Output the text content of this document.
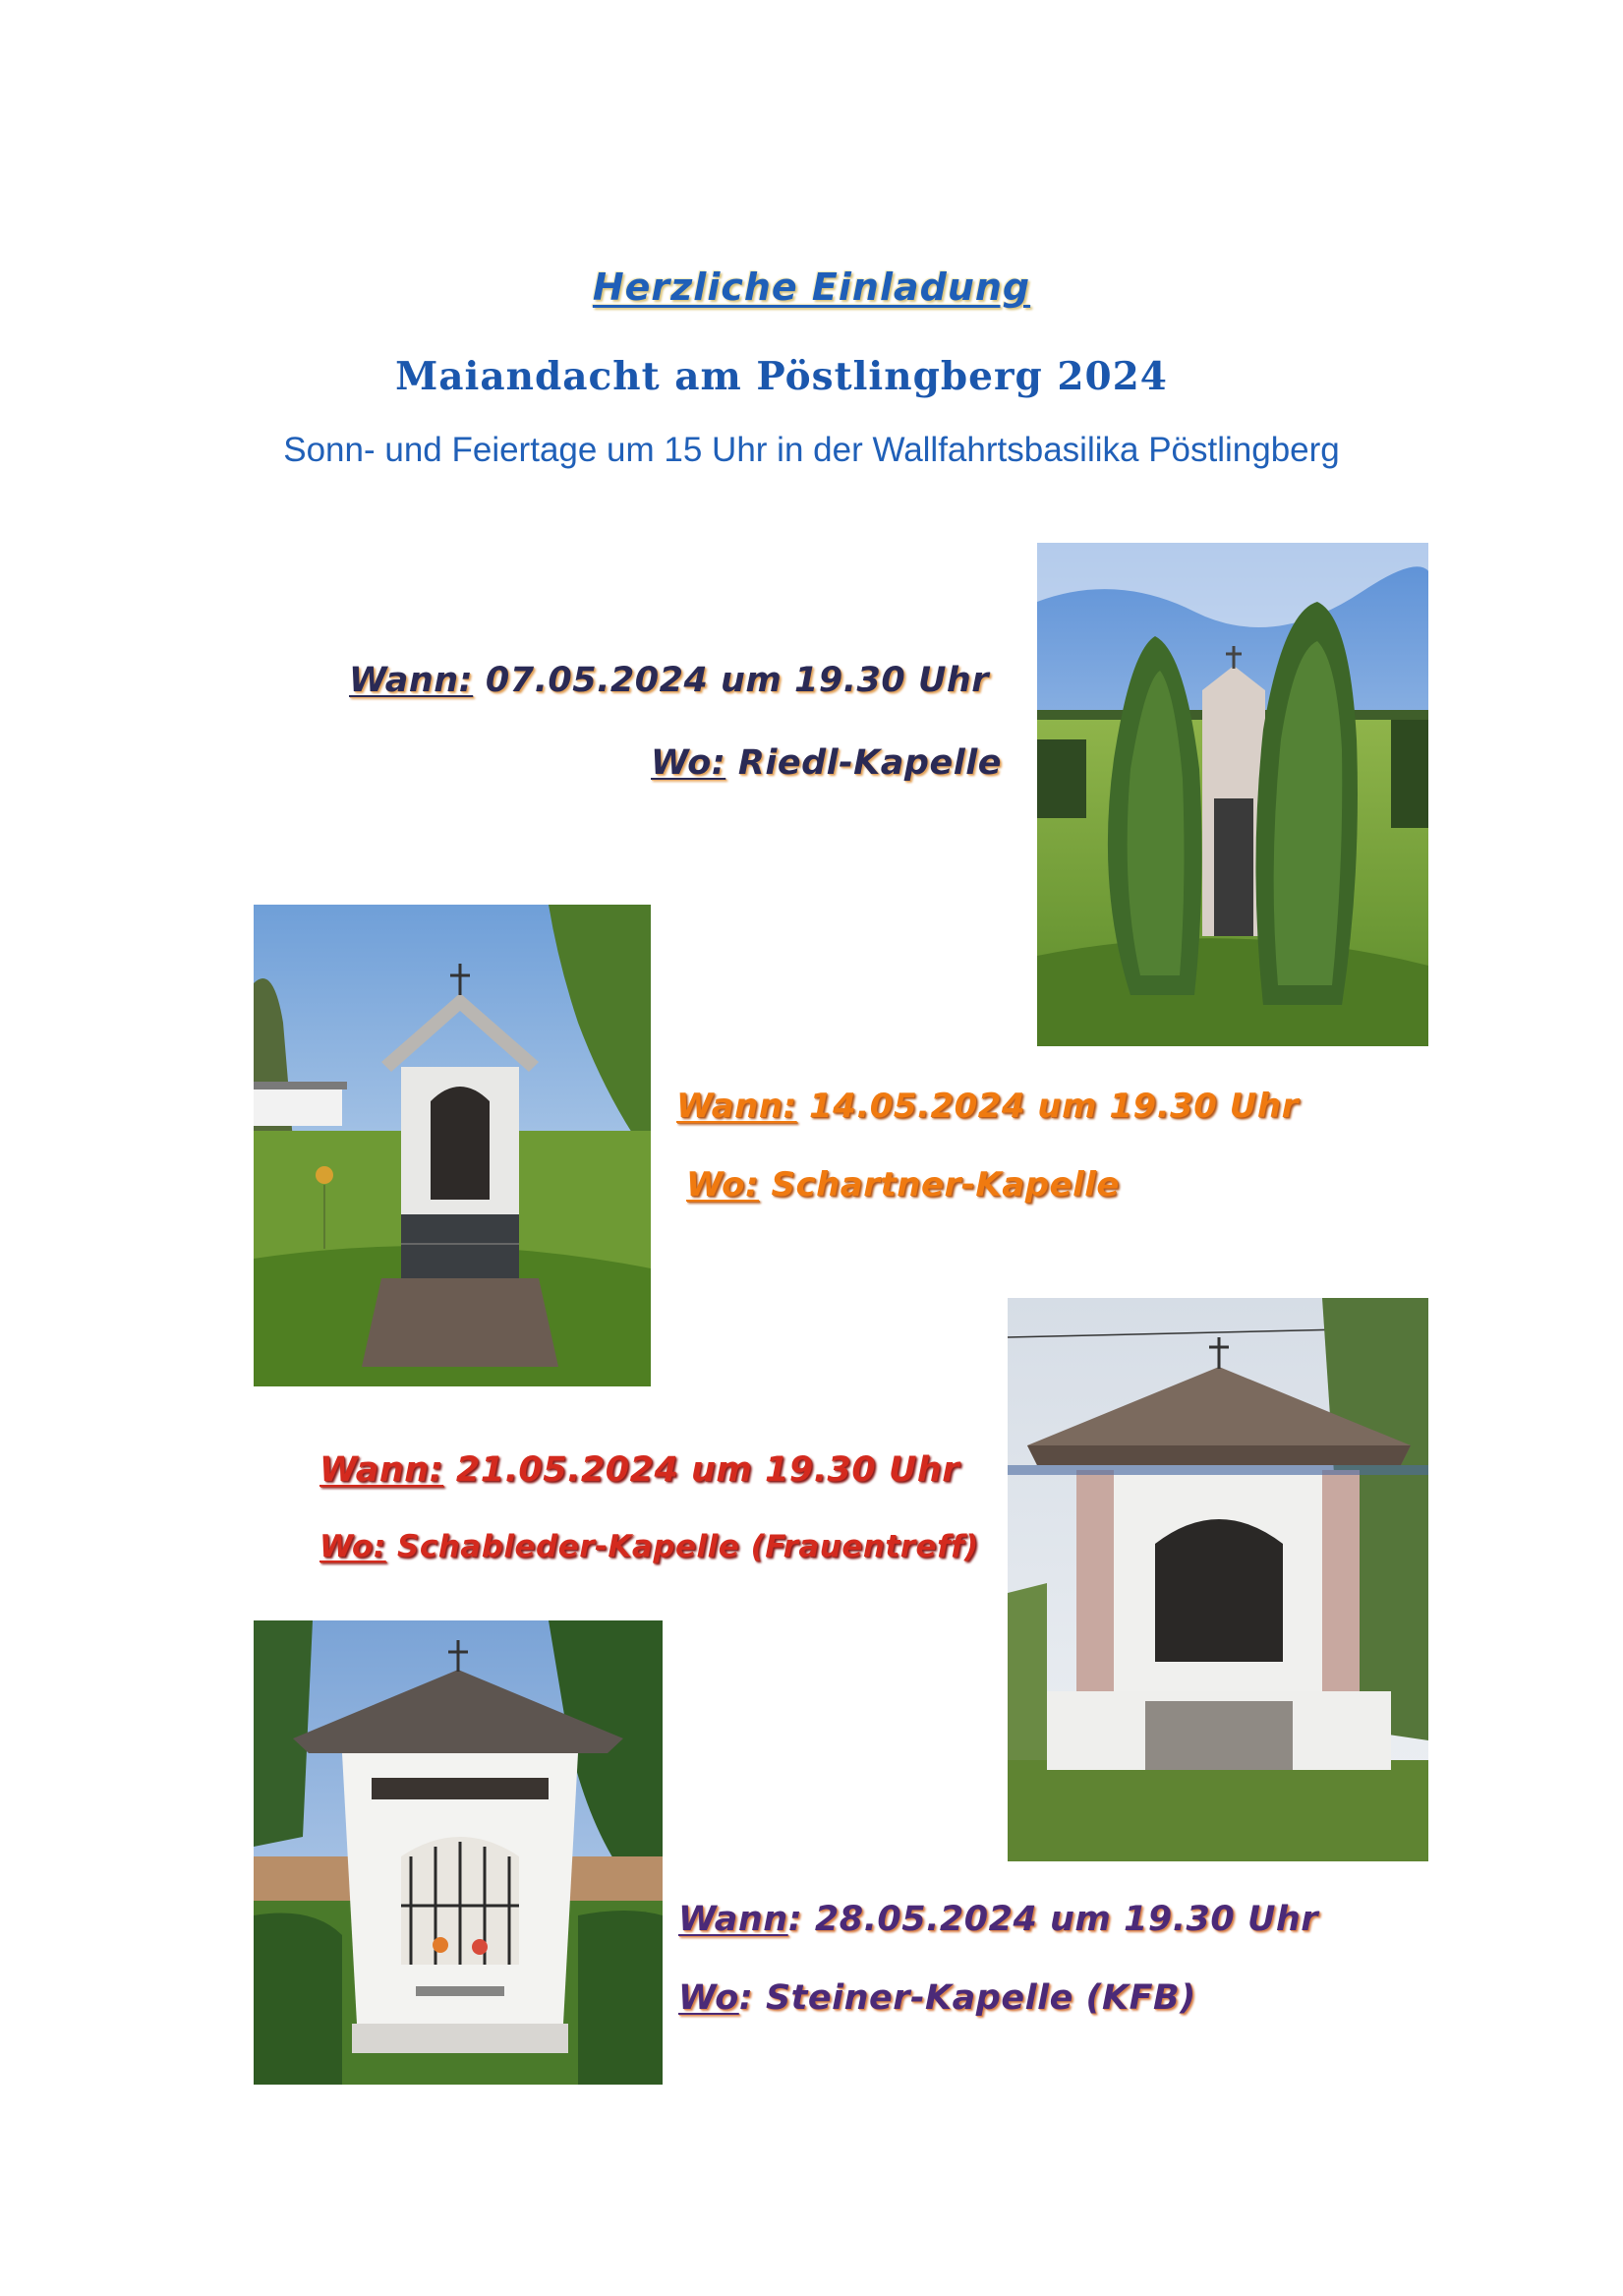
Herzliche Einladung
Maiandacht am Pöstlingberg 2024
Sonn- und Feiertage um 15 Uhr in der Wallfahrtsbasilika Pöstlingberg
Wann: 07.05.2024 um 19.30 Uhr
Wo: Riedl-Kapelle
Wann: 14.05.2024 um 19.30 Uhr
Wo: Schartner-Kapelle
Wann: 21.05.2024 um 19.30 Uhr
Wo: Schableder-Kapelle (Frauentreff)
Wann: 28.05.2024 um 19.30 Uhr
Wo: Steiner-Kapelle (KFB)
